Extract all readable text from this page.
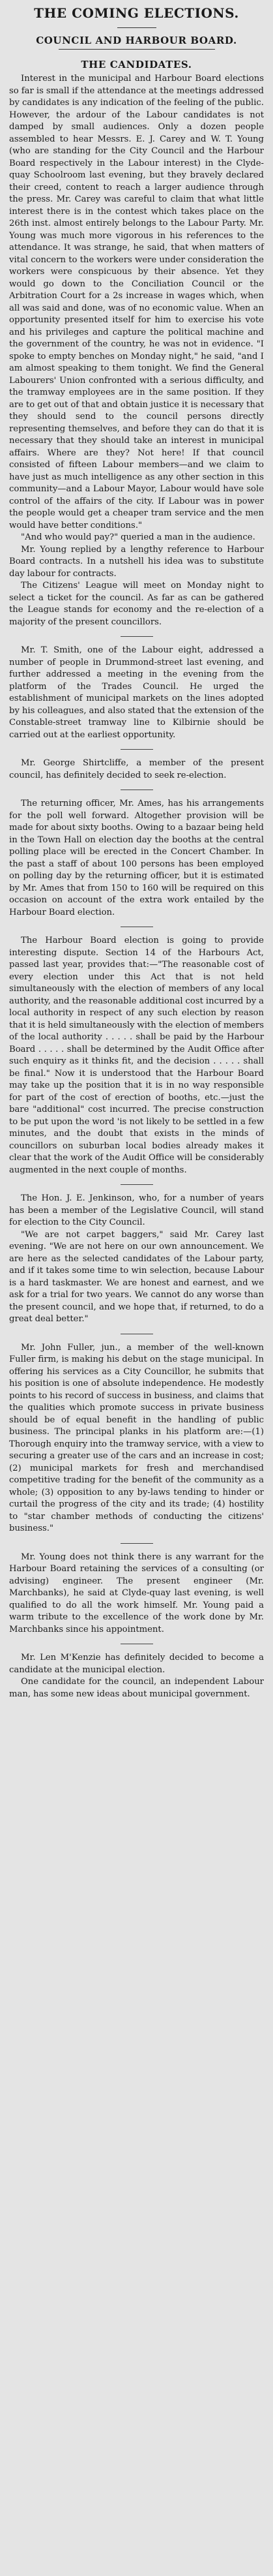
THE COMING ELECTIONS.
COUNCIL AND HARBOUR BOARD.
THE CANDIDATES.

Interest in the municipal and Harbour Board elections so far is small if the attendance at the meetings addressed by candidates is any indication of the feeling of the public. However, the ardour of the Labour candidates is not damped by small audiences. Only a dozen people assembled to hear Messrs. E. J. Carey and W. T. Young (who are standing for the City Council and the Harbour Board respectively in the Labour interest) in the Clyde-quay Schoolroom last evening, but they bravely declared their creed, content to reach a larger audience through the press. Mr. Carey was careful to claim that what little interest there is in the contest which takes place on the 26th inst. almost entirely belongs to the Labour Party. Mr. Young was much more vigorous in his references to the attendance. It was strange, he said, that when matters of vital concern to the workers were under consideration the workers were conspicuous by their absence. Yet they would go down to the Conciliation Council or the Arbitration Court for a 2s increase in wages which, when all was said and done, was of no economic value. When an opportunity presented itself for him to exercise his vote and his privileges and capture the political machine and the government of the country, he was not in evidence. "I spoke to empty benches on Monday night," he said, "and I am almost speaking to them tonight. We find the General Labourers' Union confronted with a serious difficulty, and the tramway employees are in the same position. If they are to get out of that and obtain justice it is necessary that they should send to the council persons directly representing themselves, and before they can do that it is necessary that they should take an interest in municipal affairs. Where are they? Not here! If that council consisted of fifteen Labour members—and we claim to have just as much intelligence as any other section in this community—and a Labour Mayor, Labour would have sole control of the affairs of the city. If Labour was in power the people would get a cheaper tram service and the men would have better conditions."

"And who would pay?" queried a man in the audience.

Mr. Young replied by a lengthy reference to Harbour Board contracts. In a nutshell his idea was to substitute day labour for contracts.

The Citizens' League will meet on Monday night to select a ticket for the council. As far as can be gathered the League stands for economy and the re-election of a majority of the present councillors.

Mr. T. Smith, one of the Labour eight, addressed a number of people in Drummond-street last evening, and further addressed a meeting in the evening from the platform of the Trades Council. He urged the establishment of municipal markets on the lines adopted by his colleagues, and also stated that the extension of the Constable-street tramway line to Kilbirnie should be carried out at the earliest opportunity.

Mr. George Shirtcliffe, a member of the present council, has definitely decided to seek re-election.

The returning officer, Mr. Ames, has his arrangements for the poll well forward. Altogether provision will be made for about sixty booths. Owing to a bazaar being held in the Town Hall on election day the booths at the central polling place will be erected in the Concert Chamber. In the past a staff of about 100 persons has been employed on polling day by the returning officer, but it is estimated by Mr. Ames that from 150 to 160 will be required on this occasion on account of the extra work entailed by the Harbour Board election.

The Harbour Board election is going to provide interesting dispute. Section 14 of the Harbours Act, passed last year, provides that:—"The reasonable cost of every election under this Act that is not held simultaneously with the election of members of any local authority, and the reasonable additional cost incurred by a local authority in respect of any such election by reason that it is held simultaneously with the election of members of the local authority . . . . . shall be paid by the Harbour Board . . . . . shall be determined by the Audit Office after such enquiry as it thinks fit, and the decision . . . . . shall be final." Now it is understood that the Harbour Board may take up the position that it is in no way responsible for part of the cost of erection of booths, etc.—just the bare "additional" cost incurred. The precise construction to be put upon the word 'is not likely to be settled in a few minutes, and the doubt that exists in the minds of councillors on suburban local bodies already makes it clear that the work of the Audit Office will be considerably augmented in the next couple of months.

The Hon. J. E. Jenkinson, who, for a number of years has been a member of the Legislative Council, will stand for election to the City Council.

"We are not carpet baggers," said Mr. Carey last evening. "We are not here on our own announcement. We are here as the selected candidates of the Labour party, and if it takes some time to win selection, because Labour is a hard taskmaster. We are honest and earnest, and we ask for a trial for two years. We cannot do any worse than the present council, and we hope that, if returned, to do a great deal better."

Mr. John Fuller, jun., a member of the well-known Fuller firm, is making his debut on the stage municipal. In offering his services as a City Councillor, he submits that his position is one of absolute independence. He modestly points to his record of success in business, and claims that the qualities which promote success in private business should be of equal benefit in the handling of public business. The principal planks in his platform are:—(1) Thorough enquiry into the tramway service, with a view to securing a greater use of the cars and an increase in cost; (2) municipal markets for fresh and merchandised competitive trading for the benefit of the community as a whole; (3) opposition to any by-laws tending to hinder or curtail the progress of the city and its trade; (4) hostility to "star chamber methods of conducting the citizens' business."

Mr. Young does not think there is any warrant for the Harbour Board retaining the services of a consulting (or advising) engineer. The present engineer (Mr. Marchbanks), he said at Clyde-quay last evening, is well qualified to do all the work himself. Mr. Young paid a warm tribute to the excellence of the work done by Mr. Marchbanks since his appointment.

Mr. Len M'Kenzie has definitely decided to become a candidate at the municipal election.

One candidate for the council, an independent Labour man, has some new ideas about municipal government.
